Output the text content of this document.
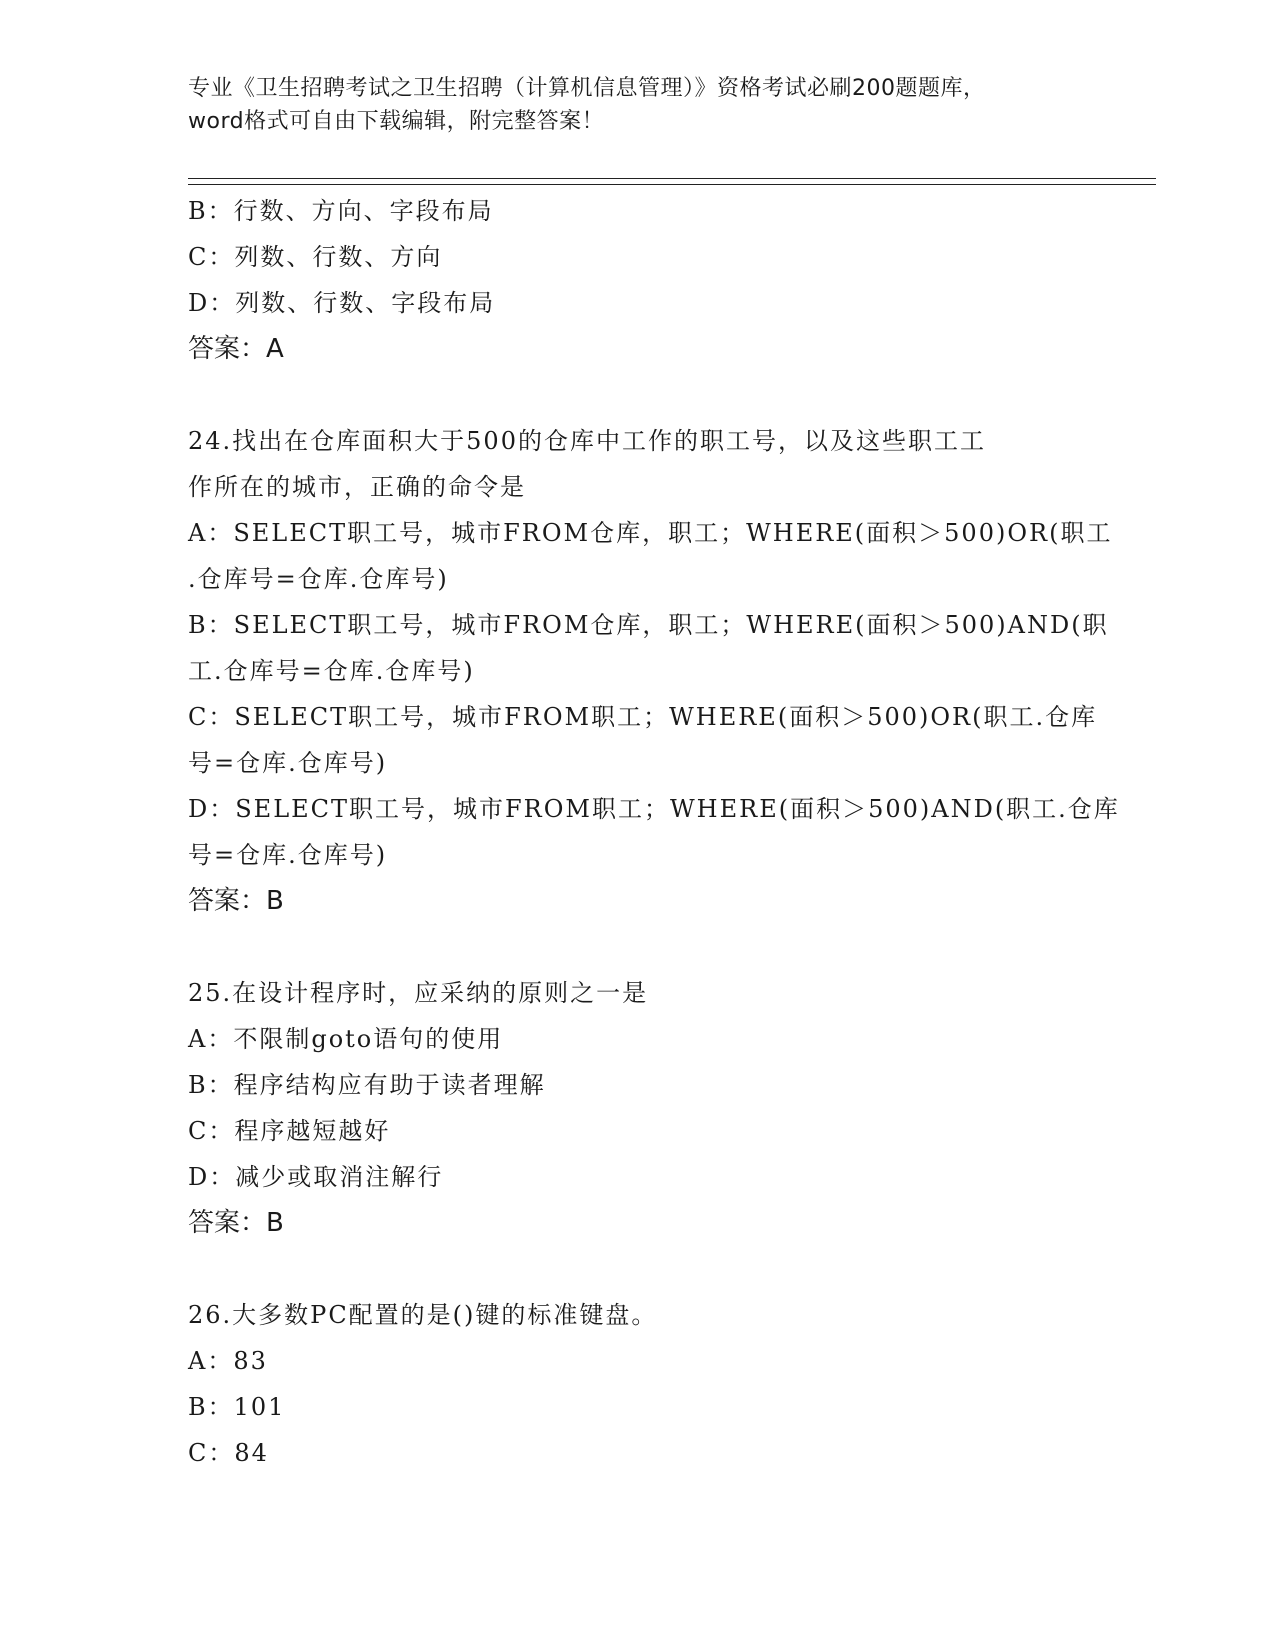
专业《卫生招聘考试之卫生招聘（计算机信息管理）》资格考试必刷200题题库，

word格式可自由下载编辑，附完整答案！

B：行数、方向、字段布局

C：列数、行数、方向

D：列数、行数、字段布局

答案：A

24.找出在仓库面积大于500的仓库中工作的职工号，以及这些职工工

作所在的城市，正确的命令是

A：SELECT职工号，城市FROM仓库，职工；WHERE(面积＞500)OR(职工

.仓库号=仓库.仓库号)

B：SELECT职工号，城市FROM仓库，职工；WHERE(面积＞500)AND(职

工.仓库号=仓库.仓库号)

C：SELECT职工号，城市FROM职工；WHERE(面积＞500)OR(职工.仓库

号=仓库.仓库号)

D：SELECT职工号，城市FROM职工；WHERE(面积＞500)AND(职工.仓库

号=仓库.仓库号)

答案：B

25.在设计程序时，应采纳的原则之一是

A：不限制goto语句的使用

B：程序结构应有助于读者理解

C：程序越短越好

D：减少或取消注解行

答案：B

26.大多数PC配置的是()键的标准键盘。

A：83

B：101

C：84
